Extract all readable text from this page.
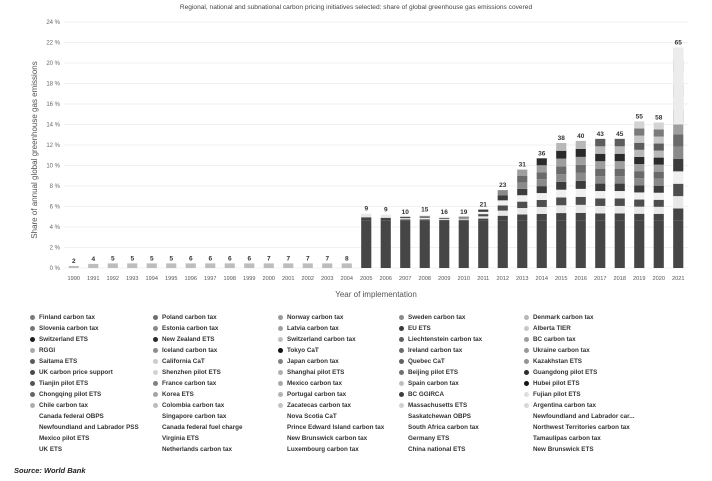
Regional, national and subnational carbon pricing initiatives selected: share of global greenhouse gas emissions covered
0 %
2 %
4 %
6 %
8 %
10 %
12 %
14 %
16 %
18 %
20 %
22 %
24 %
2 4 5 5 5 5 6 6 6 6 7 7 7 7 8
9 9 10 15 16 19
21
23
31
36
38 40 43 45
55 58
65
1990 1991 1992 1993 1994 1995 1996 1997 1998 1999 2000 2001 2002 2003 2004 2005 2006 2007 2008 2009 2010 2011 2012 2013 2014 2015 2016 2017 2018 2019 2020 2021
Share of annual global greenhouse gas emissions
Year of implementation
Finland carbon tax	Poland carbon tax	Norway carbon tax	Sweden carbon tax	Denmark carbon tax
Slovenia carbon tax	Estonia carbon tax	Latvia carbon tax	EU ETS	Alberta TIER
Switzerland ETS	New Zealand ETS	Switzerland carbon tax	Liechtenstein carbon tax	BC carbon tax
RGGI	Iceland carbon tax	Tokyo CaT	Ireland carbon tax	Ukraine carbon tax
Saitama ETS	California CaT	Japan carbon tax	Quebec CaT	Kazakhstan ETS
UK carbon price support	Shenzhen pilot ETS	Shanghai pilot ETS	Beijing pilot ETS	Guangdong pilot ETS
Tianjin pilot ETS	France carbon tax	Mexico carbon tax	Spain carbon tax	Hubei pilot ETS
Chongqing pilot ETS	Korea ETS	Portugal carbon tax	BC GGIRCA	Fujian pilot ETS
Chile carbon tax	Colombia carbon tax	Zacatecas carbon tax	Massachusetts ETS	Argentina carbon tax
Canada federal OBPS	Singapore carbon tax	Nova Scotia CaT	Saskatchewan OBPS	Newfoundland and Labrador car...
Newfoundland and Labrador PSS	Canada federal fuel charge	Prince Edward Island carbon tax	South Africa carbon tax	Northwest Territories carbon tax
Mexico pilot ETS	Virginia ETS	New Brunswick carbon tax	Germany ETS	Tamaulipas carbon tax
UK ETS	Netherlands carbon tax	Luxembourg carbon tax	China national ETS	New Brunswick ETS
Source: World Bank
